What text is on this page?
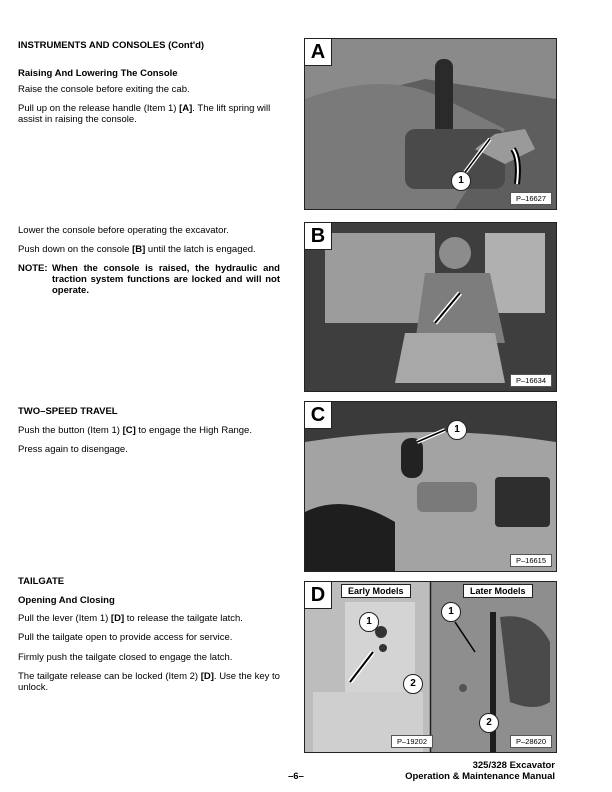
INSTRUMENTS AND CONSOLES (Cont'd)
Raising And Lowering The Console
Raise the console before exiting the cab.
Pull up on the release handle (Item 1) [A]. The lift spring will assist in raising the console.
Lower the console before operating the excavator.
Push down on the console [B] until the latch is engaged.
NOTE: When the console is raised, the hydraulic and traction system functions are locked and will not operate.
TWO–SPEED TRAVEL
Push the button (Item 1) [C] to engage the High Range.
Press again to disengage.
TAILGATE
Opening And Closing
Pull the lever (Item 1) [D] to release the tailgate latch.
Pull the tailgate open to provide access for service.
Firmly push the tailgate closed to engage the latch.
The tailgate release can be locked (Item 2) [D]. Use the key to unlock.
A
1
P–16627
B
P–16634
C
1
P–16615
D	Early Models	Later Models
1
2
1
2
P–19202	P–28620
–6–
325/328 Excavator
Operation & Maintenance Manual
